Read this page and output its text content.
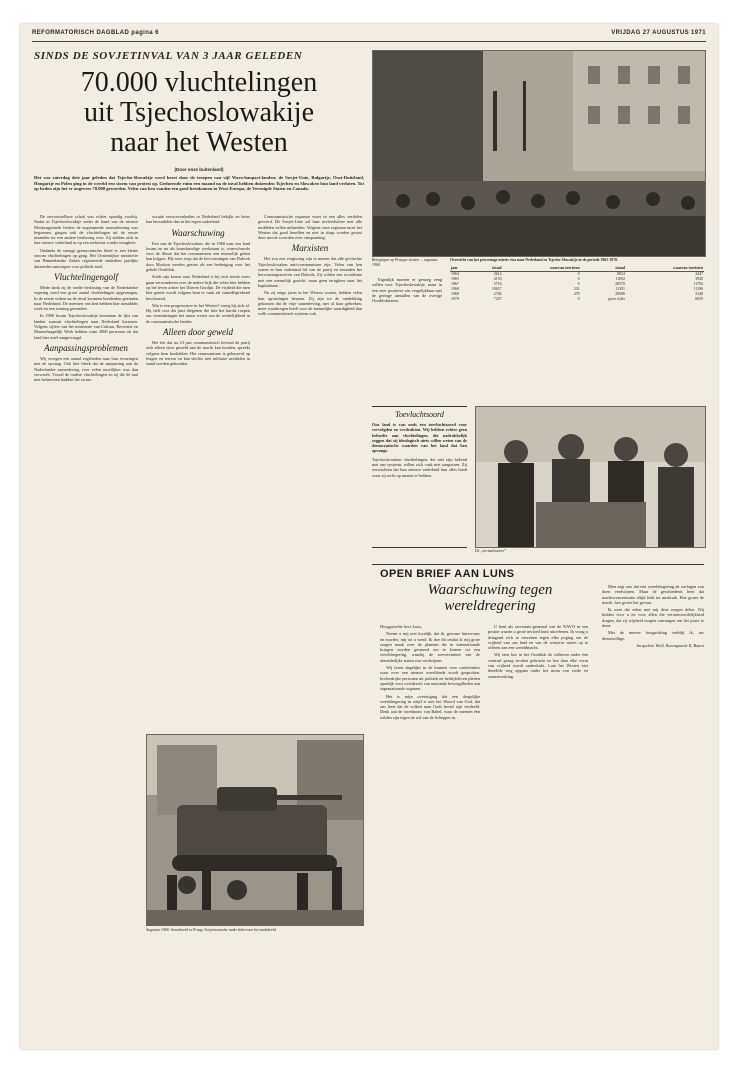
REFORMATORISCH DAGBLAD pagina 6	VRIJDAG 27 AUGUSTUS 1971
SINDS DE SOVJETINVAL VAN 3 JAAR GELEDEN
70.000 vluchtelingen
uit Tsjechoslowakije
naar het Westen
(Door onze buitenland)
Het was zaterdag drie jaar geleden dat Tsjecho-Slowakije werd bezet door de troepen van vijf Warschaupact-landen: de Sovjet-Unie, Bulgarije, Oost-Duitsland, Hongarije en Polen ging in de wereld een storm van protest op. Gedurende ruim een maand na de inval hebben duizenden Tsjechen en Slowaken hun land verlaten. Tot op heden zijn het er ongeveer 70.000 geworden. Velen van hen vonden een goed heenkomen in West-Europa, de Verenigde Staten en Canada.

De onvoorstelbare schok was echter spoedig voorbij. Nadat in Tsjechoslowakije onder de hand van de nieuwe Moskougezinde leiders de zogenaamde normalisering was begonnen, gingen ook de vluchtelingen uit de eerste maanden tot een andere beslissing over. Zij stelden zich in hun nieuwe vaderland in op een toekomst zonder terugkeer.

Ondanks de strenge grenscontroles bleef er een kleine stroom vluchtelingen op gang. Het Oostenrijkse ministerie van Binnenlandse Zaken registreerde sindsdien jaarlijks duizenden aanvragen voor politiek asiel.

Vluchtelingengolf

Mede dank zij de snelle beslissing van de Nederlandse regering werd een groot aantal vluchtelingen opgevangen. In de eerste weken na de inval kwamen honderden gezinnen naar Nederland. De meesten van hen hebben hier inmiddels werk en een woning gevonden.

In 1968 kwam Tsjechoslowakije bovenaan de lijst van landen waaruit vluchtelingen naar Nederland kwamen. Volgens cijfers van het ministerie van Cultuur, Recreatie en Maatschappelijk Werk hebben ruim 2800 personen uit dat land hier asiel aangevraagd.

Aanpassingsproblemen

Wij vroegen een aantal zegslieden naar hun ervaringen met de opvang. Ook hier bleek dat de aanpassing aan de Nederlandse samenleving voor velen moeilijker was dan verwacht. Vooral de oudere vluchtelingen en zij die de taal niet beheersten hadden het zwaar.

sociale verworvenheden in Nederland bekijkt en beter kan beoordelen dan in het eigen vaderland.

Waarschuwing

Een van de Tsjechoslowaken, die in 1968 naar ons land kwam en nu als bouwkundige werkzaam is, waarschuwde voor de illusie dat het communisme een menselijk gelaat kan krijgen. Hij wees erop dat de hervormingen van Dubcek door Moskou werden gezien als een bedreiging voor het gehele Oostblok.

Sinds zijn komst naar Nederland is hij zich steeds meer gaan verwonderen over de naïeve kijk die velen hier hebben op het leven achter het IJzeren Gordijn. De vrijheid die men hier geniet wordt volgens hem te vaak als vanzelfsprekend beschouwd.

Wat is een progressieve in het Westen? vroeg hij zich af. Hij stelt vast dat juist diegenen die hier het hardst roepen om veranderingen het minst weten van de werkelijkheid in de communistische landen.

Alleen door geweld

Het feit dat na 23 jaar communistisch bewind de partij zich alleen door geweld aan de macht kan houden, spreekt volgens hem boekdelen. Het communisme is gebaseerd op leugen en terreur en kan slechts met militaire middelen in stand worden gehouden.

Communistische expansie moet in een alles verdelen gevoerd. De Sovjet-Unie zal haar invloedssfeer met alle middelen willen uitbreiden. Volgens onze zegsman moet het Westen dat goed beseffen en niet in slaap worden gesust door mooie woorden over ontspanning.

Marxisten

Het zou een vergissing zijn te menen dat alle gevluchte Tsjechoslowaken anti-communisten zijn. Velen van hen waren in hun vaderland lid van de partij en steunden het hervormingsstreven van Dubcek. Zij wilden een socialisme met een menselijk gezicht, maar geen terugkeer naar het kapitalisme.

Nu zij enige jaren in het Westen wonen, hebben velen hun opvattingen herzien. Zij zijn tot de ontdekking gekomen dat de vrije samenleving, met al haar gebreken, meer waarborgen biedt voor de menselijke waardigheid dan welk communistisch systeem ook.

Augustus 1968: Straatbeeld in Praag. Sovjetrussische tanks beheersen het stadsbeeld.
Betogingen op Praagse straten ... augustus 1968.

Eigenlijk moeten er genoeg zeng willen voor Tsjechoslowakije, maar in een zeer positieve zin vergelijkbaar met de geringe aantallen van de overige Oostblokstaten.

Overzicht van het percentage uitreis visa naar Nederland en Tsjecho-Slowakije in de periode 1965-1970.
jaar	totaal	waarvan toeristen	totaal	waarvan toeristen
1964	2614	0	8824	2447
1965	4153	0	11092	3920
1967	5716	0	28370	11783
1968	10657	231	11391	11196
1969	2782	479	28586	5340
1970	7257	0	geen cijfer	6059
Toevluchtsoord
Ons land is van ouds een toevluchtsoord voor vervolgden en verdrukten. Wij hebben echter geen behoefte aan vluchtelingen, die nadrukkelijk zeggen dat zij ideologisch niets willen weten van de democratische waarden van het land dat hen opvangt.
Tsjechoslowaken vluchtelingen, die niet zijn bekend met ons systeem, willen zich vaak niet aanpassen. Zij verwachten dat hun nieuwe vaderland hun alles biedt waar zij recht op menen te hebben.
De „normalisators”
OPEN BRIEF AAN LUNS
Waarschuwing tegen
wereldregering

Hooggeachte heer Luns,

Neemt u mij niet kwalijk, dat ik, gewone huisvrouw en moeder, mij tot u wend. Ik doe dit omdat ik mij grote zorgen maak over de plannen die in internationale kringen worden gesmeed om te komen tot een wereldregering, waarbij de soevereiniteit van de afzonderlijke staten zou verdwijnen.

Wij lezen dagelijks in de kranten over conferenties waar over een nieuwe wereldorde wordt gesproken. Invloedrijke personen uit politiek en bedrijfsleven pleiten openlijk voor overdracht van nationale bevoegdheden aan supranationale organen.

Het is mijn overtuiging dat een dergelijke wereldregering in strijd is met het Woord van God, dat ons leert dat de volken naar Gods bestel zijn verdeeld. Denk aan de torenbouw van Babel, waar de mensen één wilden zijn tegen de wil van de Schepper in.

U bent als secretaris-generaal van de NAVO in een positie waarin u grote invloed kunt uitoefenen. Ik vraag u dringend zich te verzetten tegen elke poging om de vrijheid van ons land en van de westerse naties op te offeren aan een wereldmacht.

Wij zien hoe in het Oostblok de volkeren onder één centraal gezag worden gebracht en hoe daar elke vorm van vrijheid wordt onderdrukt. Laat het Westen niet dezelfde weg opgaan onder het mom van vrede en samenwerking.

Men zegt ons dat een wereldregering de oorlogen zou doen verdwijnen. Maar de geschiedenis leert dat machtsconcentratie altijd leidt tot misbruik. Hoe groter de macht, hoe groter het gevaar.

Ik weet dat velen met mij deze zorgen delen. Wij bidden voor u en voor allen die verantwoordelijkheid dragen, dat zij wijsheid mogen ontvangen om het juiste te doen.

Met de meeste hoogachting verblijf ik, uw dienstwillige,

Jacqueline Weiß, Rozengaarde II, Baarn
